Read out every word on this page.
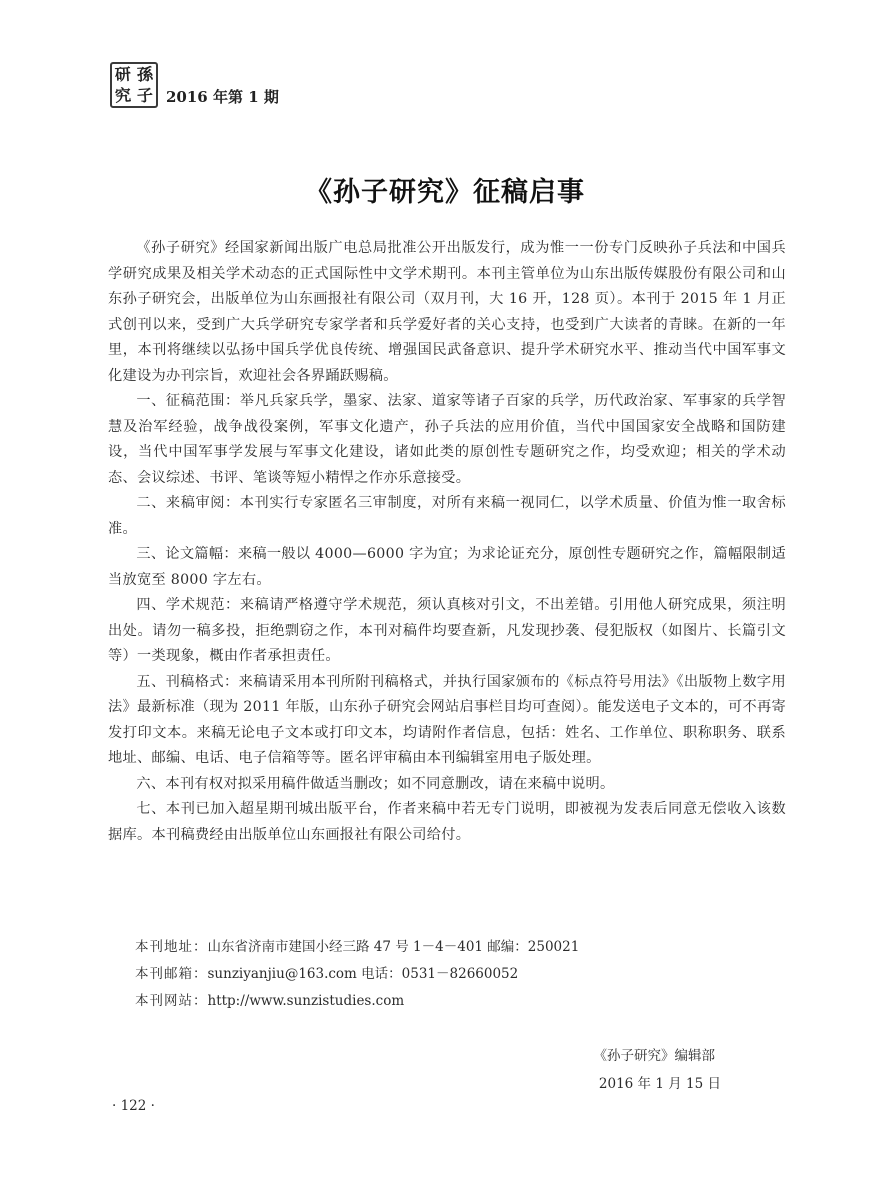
研 孫
究 子 2016 年第 1 期
《孙子研究》征稿启事

《孙子研究》经国家新闻出版广电总局批准公开出版发行，成为惟一一份专门反映孙子兵法和中国兵学研究成果及相关学术动态的正式国际性中文学术期刊。本刊主管单位为山东出版传媒股份有限公司和山东孙子研究会，出版单位为山东画报社有限公司（双月刊，大 16 开，128 页）。本刊于 2015 年 1 月正式创刊以来，受到广大兵学研究专家学者和兵学爱好者的关心支持，也受到广大读者的青睐。在新的一年里，本刊将继续以弘扬中国兵学优良传统、增强国民武备意识、提升学术研究水平、推动当代中国军事文化建设为办刊宗旨，欢迎社会各界踊跃赐稿。

一、征稿范围：举凡兵家兵学，墨家、法家、道家等诸子百家的兵学，历代政治家、军事家的兵学智慧及治军经验，战争战役案例，军事文化遗产，孙子兵法的应用价值，当代中国国家安全战略和国防建设，当代中国军事学发展与军事文化建设，诸如此类的原创性专题研究之作，均受欢迎；相关的学术动态、会议综述、书评、笔谈等短小精悍之作亦乐意接受。

二、来稿审阅：本刊实行专家匿名三审制度，对所有来稿一视同仁，以学术质量、价值为惟一取舍标准。

三、论文篇幅：来稿一般以 4000—6000 字为宜；为求论证充分，原创性专题研究之作，篇幅限制适当放宽至 8000 字左右。

四、学术规范：来稿请严格遵守学术规范，须认真核对引文，不出差错。引用他人研究成果，须注明出处。请勿一稿多投，拒绝剽窃之作，本刊对稿件均要查新，凡发现抄袭、侵犯版权（如图片、长篇引文等）一类现象，概由作者承担责任。

五、刊稿格式：来稿请采用本刊所附刊稿格式，并执行国家颁布的《标点符号用法》《出版物上数字用法》最新标准（现为 2011 年版，山东孙子研究会网站启事栏目均可查阅）。能发送电子文本的，可不再寄发打印文本。来稿无论电子文本或打印文本，均请附作者信息，包括：姓名、工作单位、职称职务、联系地址、邮编、电话、电子信箱等等。匿名评审稿由本刊编辑室用电子版处理。

六、本刊有权对拟采用稿件做适当删改；如不同意删改，请在来稿中说明。

七、本刊已加入超星期刊城出版平台，作者来稿中若无专门说明，即被视为发表后同意无偿收入该数据库。本刊稿费经由出版单位山东画报社有限公司给付。

本刊地址：山东省济南市建国小经三路 47 号 1－4－401 邮编：250021
本刊邮箱：sunziyanjiu@163.com 电话：0531－82660052
本刊网站：http://www.sunzistudies.com
《孙子研究》编辑部
2016 年 1 月 15 日
· 122 ·
